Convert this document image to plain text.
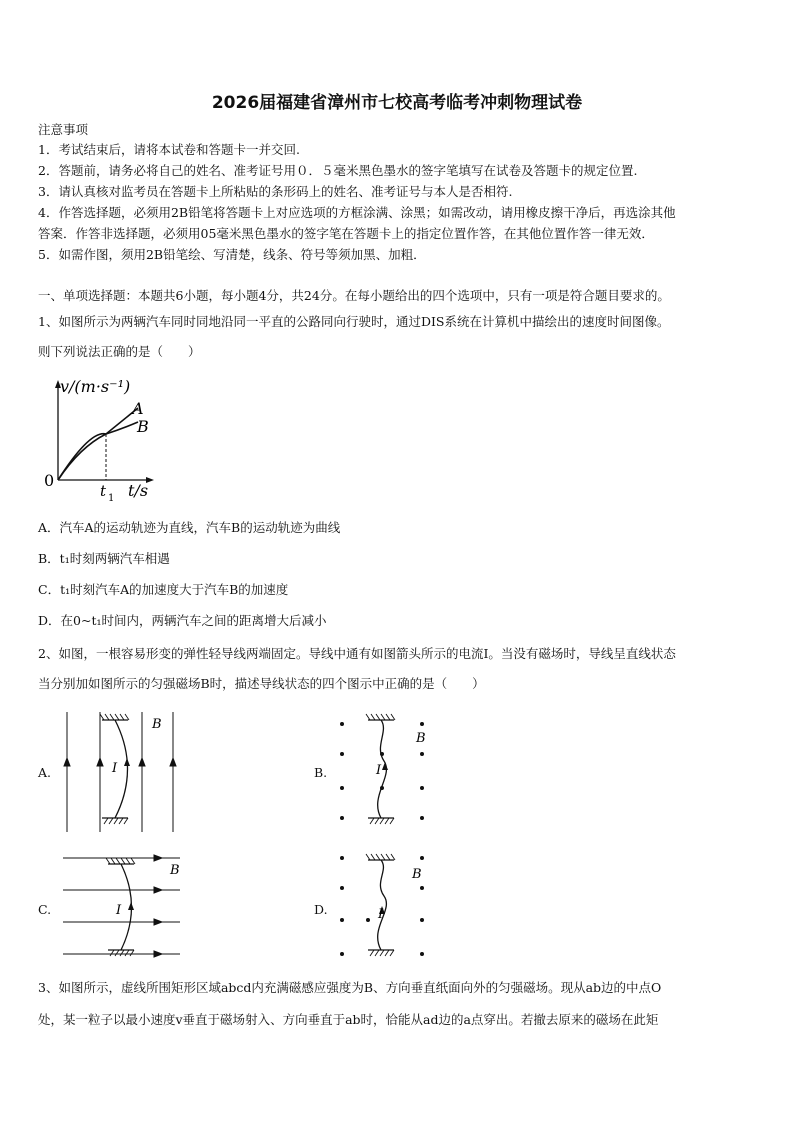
2026届福建省漳州市七校高考临考冲刺物理试卷
注意事项
1．考试结束后，请将本试卷和答题卡一并交回.
2．答题前，请务必将自己的姓名、准考证号用０．５毫米黑色墨水的签字笔填写在试卷及答题卡的规定位置.
3．请认真核对监考员在答题卡上所粘贴的条形码上的姓名、准考证号与本人是否相符.
4．作答选择题，必须用2B铅笔将答题卡上对应选项的方框涂满、涂黑；如需改动，请用橡皮擦干净后，再选涂其他
答案．作答非选择题，必须用05毫米黑色墨水的签字笔在答题卡上的指定位置作答，在其他位置作答一律无效．
5．如需作图，须用2B铅笔绘、写清楚，线条、符号等须加黑、加粗．
一、单项选择题：本题共6小题，每小题4分，共24分。在每小题给出的四个选项中，只有一项是符合题目要求的。
1、如图所示为两辆汽车同时同地沿同一平直的公路同向行驶时，通过DIS系统在计算机中描绘出的速度时间图像。
则下列说法正确的是（　　）
v/(m·s⁻¹)
0
t 1 t/s
A
B
A．汽车A的运动轨迹为直线，汽车B的运动轨迹为曲线
B．t₁时刻两辆汽车相遇
C．t₁时刻汽车A的加速度大于汽车B的加速度
D．在0~t₁时间内，两辆汽车之间的距离增大后减小
2、如图，一根容易形变的弹性轻导线两端固定。导线中通有如图箭头所示的电流I。当没有磁场时，导线呈直线状态
当分别加如图所示的匀强磁场B时，描述导线状态的四个图示中正确的是（　　）
A.	I
B
B.	I
B
C.	I
B
D.	I
B
3、如图所示，虚线所围矩形区域abcd内充满磁感应强度为B、方向垂直纸面向外的匀强磁场。现从ab边的中点O
处，某一粒子以最小速度v垂直于磁场射入、方向垂直于ab时，恰能从ad边的a点穿出。若撤去原来的磁场在此矩
